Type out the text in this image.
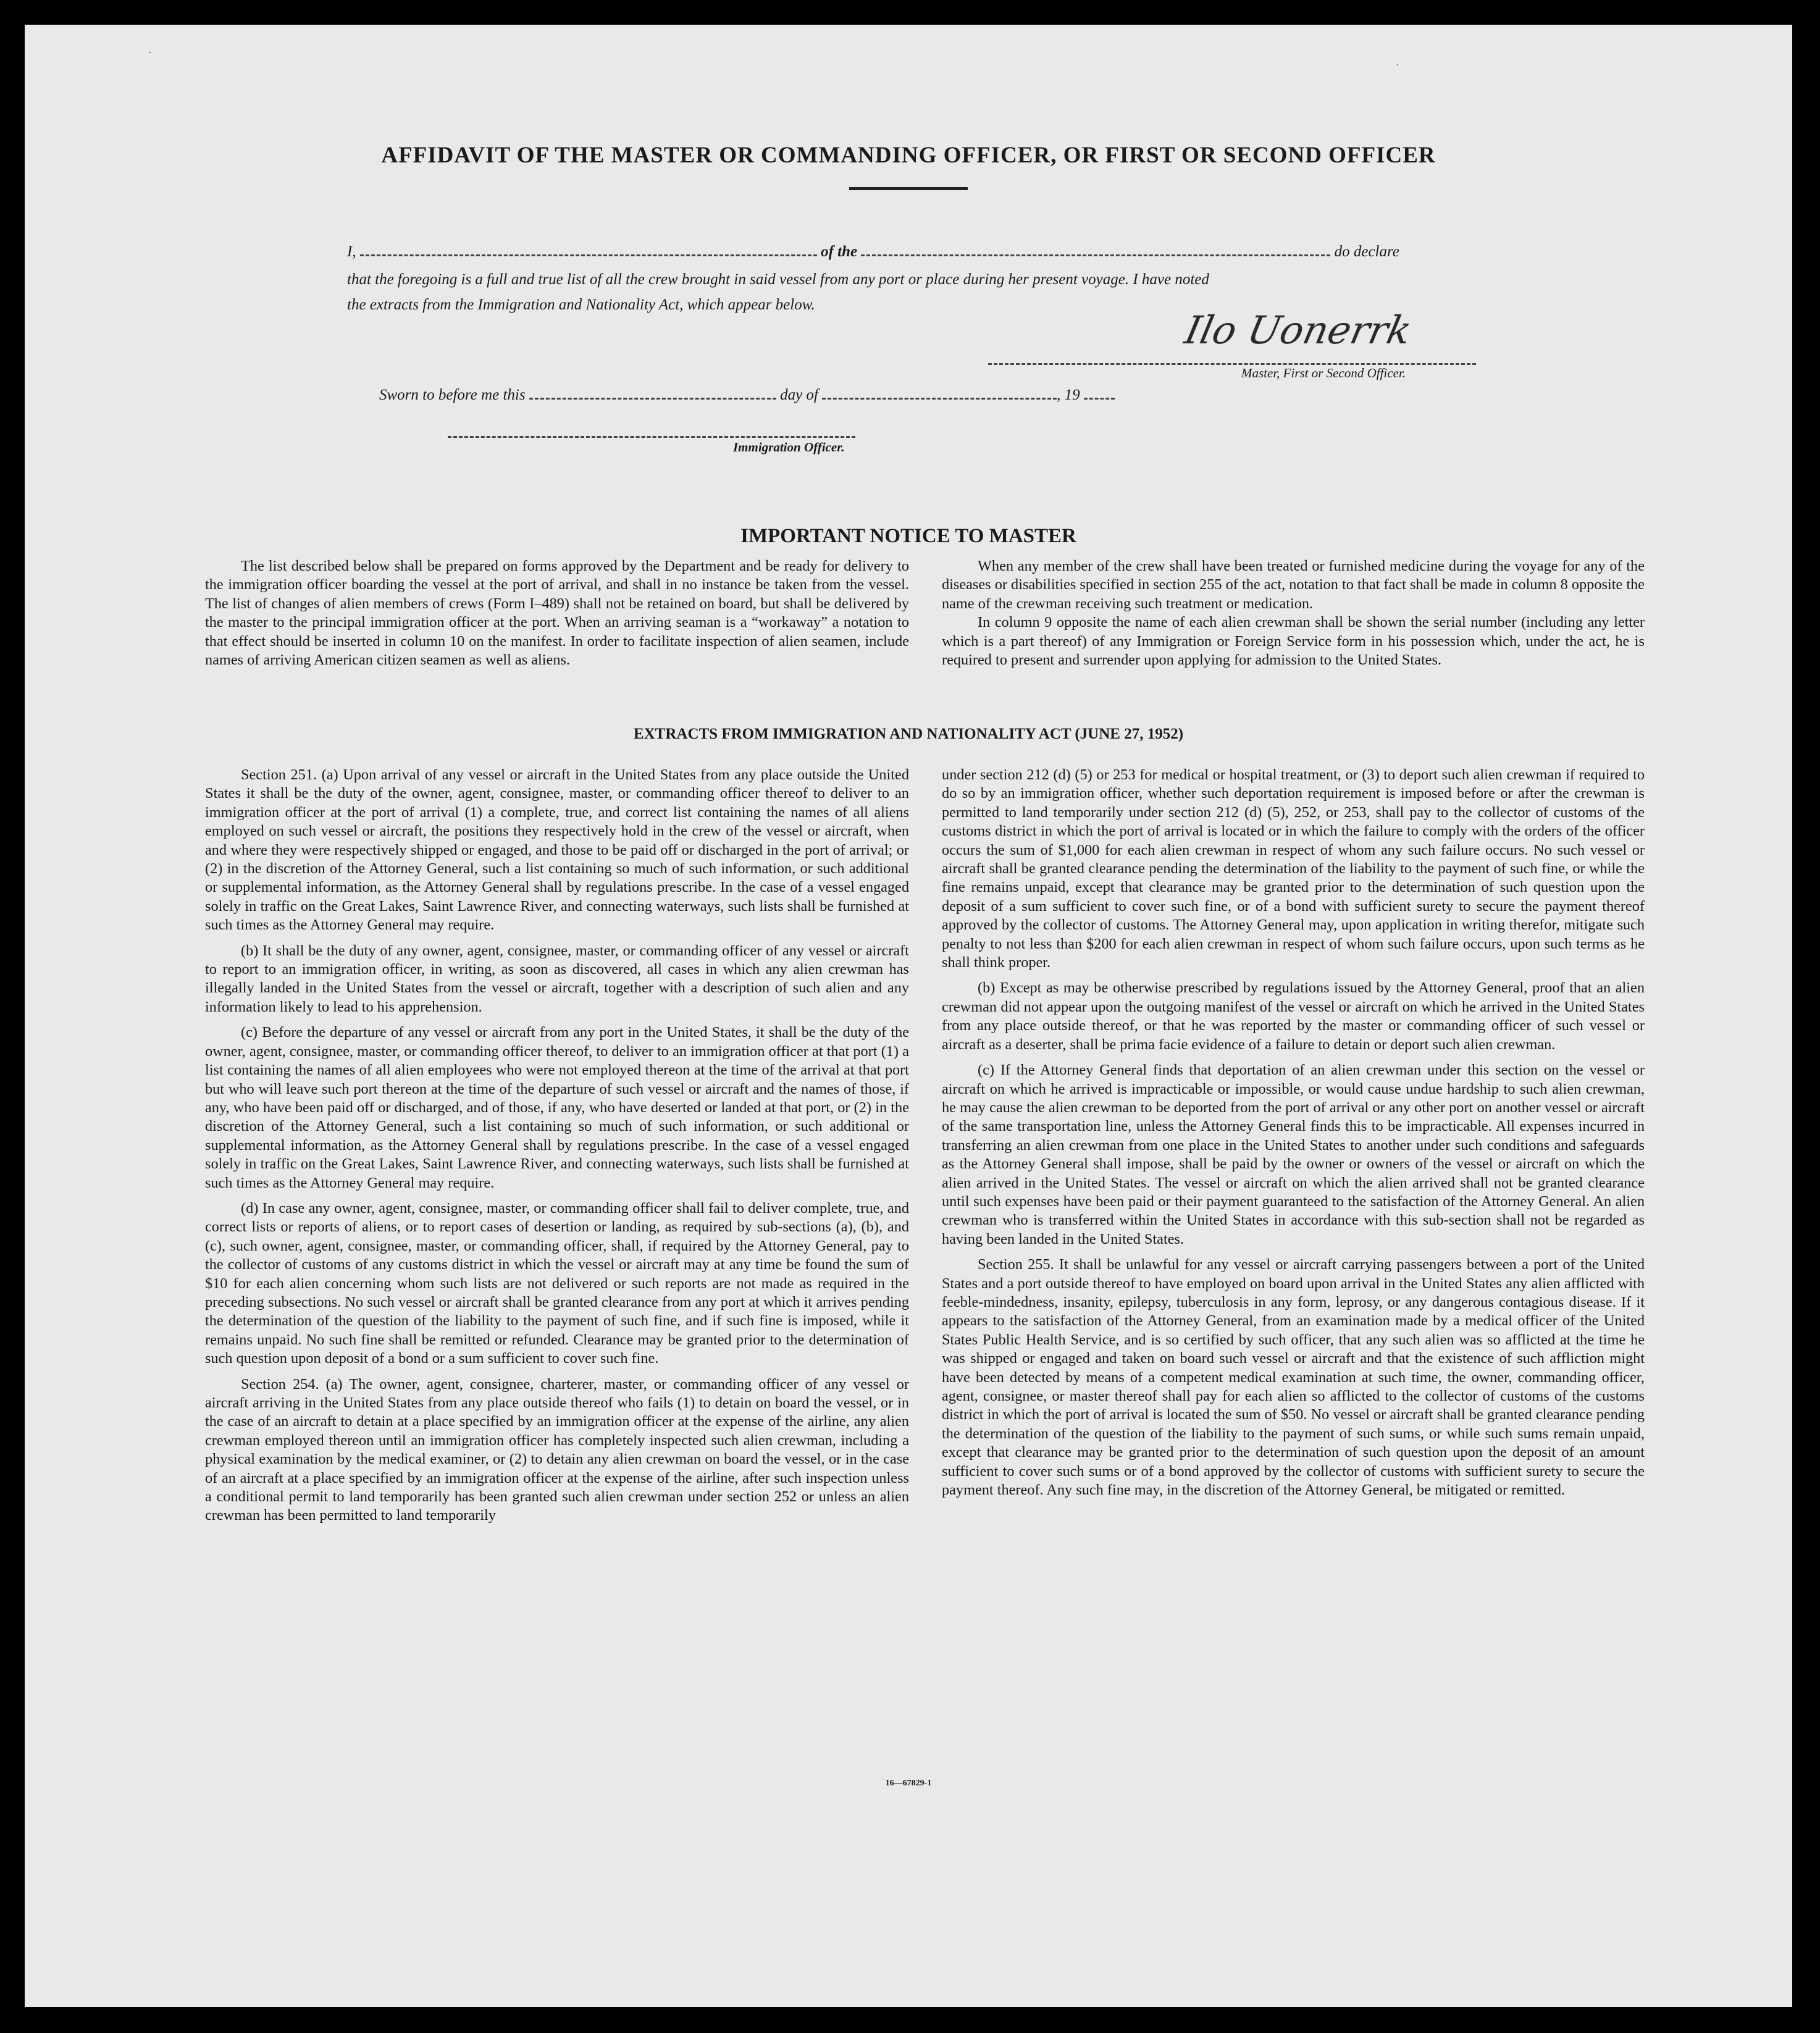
AFFIDAVIT OF THE MASTER OR COMMANDING OFFICER, OR FIRST OR SECOND OFFICER
I,	of the	do declare
that the foregoing is a full and true list of all the crew brought in said vessel from any port or place during her present voyage. I have noted
the extracts from the Immigration and Nationality Act, which appear below.
Ilo Uonerrk
Master, First or Second Officer.
Sworn to before me this	day of	, 19
Immigration Officer.
IMPORTANT NOTICE TO MASTER

The list described below shall be prepared on forms approved by the Department and be ready for delivery to the immigration officer boarding the vessel at the port of arrival, and shall in no instance be taken from the vessel. The list of changes of alien members of crews (Form I–489) shall not be retained on board, but shall be delivered by the master to the principal immigration officer at the port. When an arriving seaman is a “workaway” a notation to that effect should be inserted in column 10 on the manifest. In order to facilitate inspection of alien seamen, include names of arriving American citizen seamen as well as aliens.

When any member of the crew shall have been treated or furnished medicine during the voyage for any of the diseases or disabilities specified in section 255 of the act, notation to that fact shall be made in column 8 opposite the name of the crewman receiving such treatment or medication.

In column 9 opposite the name of each alien crewman shall be shown the serial number (including any letter which is a part thereof) of any Immigration or Foreign Service form in his possession which, under the act, he is required to present and surrender upon applying for admission to the United States.

EXTRACTS FROM IMMIGRATION AND NATIONALITY ACT (JUNE 27, 1952)

Section 251. (a) Upon arrival of any vessel or aircraft in the United States from any place outside the United States it shall be the duty of the owner, agent, consignee, master, or commanding officer thereof to deliver to an immigration officer at the port of arrival (1) a complete, true, and correct list containing the names of all aliens employed on such vessel or aircraft, the positions they respectively hold in the crew of the vessel or aircraft, when and where they were respectively shipped or engaged, and those to be paid off or discharged in the port of arrival; or (2) in the discretion of the Attorney General, such a list containing so much of such information, or such additional or supplemental information, as the Attorney General shall by regulations prescribe. In the case of a vessel engaged solely in traffic on the Great Lakes, Saint Lawrence River, and connecting waterways, such lists shall be furnished at such times as the Attorney General may require.

(b) It shall be the duty of any owner, agent, consignee, master, or commanding officer of any vessel or aircraft to report to an immigration officer, in writing, as soon as discovered, all cases in which any alien crewman has illegally landed in the United States from the vessel or aircraft, together with a description of such alien and any information likely to lead to his apprehension.

(c) Before the departure of any vessel or aircraft from any port in the United States, it shall be the duty of the owner, agent, consignee, master, or commanding officer thereof, to deliver to an immigration officer at that port (1) a list containing the names of all alien employees who were not employed thereon at the time of the arrival at that port but who will leave such port thereon at the time of the departure of such vessel or aircraft and the names of those, if any, who have been paid off or discharged, and of those, if any, who have deserted or landed at that port, or (2) in the discretion of the Attorney General, such a list containing so much of such information, or such additional or supplemental information, as the Attorney General shall by regulations prescribe. In the case of a vessel engaged solely in traffic on the Great Lakes, Saint Lawrence River, and connecting waterways, such lists shall be furnished at such times as the Attorney General may require.

(d) In case any owner, agent, consignee, master, or commanding officer shall fail to deliver complete, true, and correct lists or reports of aliens, or to report cases of desertion or landing, as required by sub-sections (a), (b), and (c), such owner, agent, consignee, master, or commanding officer, shall, if required by the Attorney General, pay to the collector of customs of any customs district in which the vessel or aircraft may at any time be found the sum of $10 for each alien concerning whom such lists are not delivered or such reports are not made as required in the preceding subsections. No such vessel or aircraft shall be granted clearance from any port at which it arrives pending the determination of the question of the liability to the payment of such fine, and if such fine is imposed, while it remains unpaid. No such fine shall be remitted or refunded. Clearance may be granted prior to the determination of such question upon deposit of a bond or a sum sufficient to cover such fine.

Section 254. (a) The owner, agent, consignee, charterer, master, or commanding officer of any vessel or aircraft arriving in the United States from any place outside thereof who fails (1) to detain on board the vessel, or in the case of an aircraft to detain at a place specified by an immigration officer at the expense of the airline, any alien crewman employed thereon until an immigration officer has completely inspected such alien crewman, including a physical examination by the medical examiner, or (2) to detain any alien crewman on board the vessel, or in the case of an aircraft at a place specified by an immigration officer at the expense of the airline, after such inspection unless a conditional permit to land temporarily has been granted such alien crewman under section 252 or unless an alien crewman has been permitted to land temporarily

under section 212 (d) (5) or 253 for medical or hospital treatment, or (3) to deport such alien crewman if required to do so by an immigration officer, whether such deportation requirement is imposed before or after the crewman is permitted to land temporarily under section 212 (d) (5), 252, or 253, shall pay to the collector of customs of the customs district in which the port of arrival is located or in which the failure to comply with the orders of the officer occurs the sum of $1,000 for each alien crewman in respect of whom any such failure occurs. No such vessel or aircraft shall be granted clearance pending the determination of the liability to the payment of such fine, or while the fine remains unpaid, except that clearance may be granted prior to the determination of such question upon the deposit of a sum sufficient to cover such fine, or of a bond with sufficient surety to secure the payment thereof approved by the collector of customs. The Attorney General may, upon application in writing therefor, mitigate such penalty to not less than $200 for each alien crewman in respect of whom such failure occurs, upon such terms as he shall think proper.

(b) Except as may be otherwise prescribed by regulations issued by the Attorney General, proof that an alien crewman did not appear upon the outgoing manifest of the vessel or aircraft on which he arrived in the United States from any place outside thereof, or that he was reported by the master or commanding officer of such vessel or aircraft as a deserter, shall be prima facie evidence of a failure to detain or deport such alien crewman.

(c) If the Attorney General finds that deportation of an alien crewman under this section on the vessel or aircraft on which he arrived is impracticable or impossible, or would cause undue hardship to such alien crewman, he may cause the alien crewman to be deported from the port of arrival or any other port on another vessel or aircraft of the same transportation line, unless the Attorney General finds this to be impracticable. All expenses incurred in transferring an alien crewman from one place in the United States to another under such conditions and safeguards as the Attorney General shall impose, shall be paid by the owner or owners of the vessel or aircraft on which the alien arrived in the United States. The vessel or aircraft on which the alien arrived shall not be granted clearance until such expenses have been paid or their payment guaranteed to the satisfaction of the Attorney General. An alien crewman who is transferred within the United States in accordance with this sub-section shall not be regarded as having been landed in the United States.

Section 255. It shall be unlawful for any vessel or aircraft carrying passengers between a port of the United States and a port outside thereof to have employed on board upon arrival in the United States any alien afflicted with feeble-mindedness, insanity, epilepsy, tuberculosis in any form, leprosy, or any dangerous contagious disease. If it appears to the satisfaction of the Attorney General, from an examination made by a medical officer of the United States Public Health Service, and is so certified by such officer, that any such alien was so afflicted at the time he was shipped or engaged and taken on board such vessel or aircraft and that the existence of such affliction might have been detected by means of a competent medical examination at such time, the owner, commanding officer, agent, consignee, or master thereof shall pay for each alien so afflicted to the collector of customs of the customs district in which the port of arrival is located the sum of $50. No vessel or aircraft shall be granted clearance pending the determination of the question of the liability to the payment of such sums, or while such sums remain unpaid, except that clearance may be granted prior to the determination of such question upon the deposit of an amount sufficient to cover such sums or of a bond approved by the collector of customs with sufficient surety to secure the payment thereof. Any such fine may, in the discretion of the Attorney General, be mitigated or remitted.

16—67829-1
·
·
